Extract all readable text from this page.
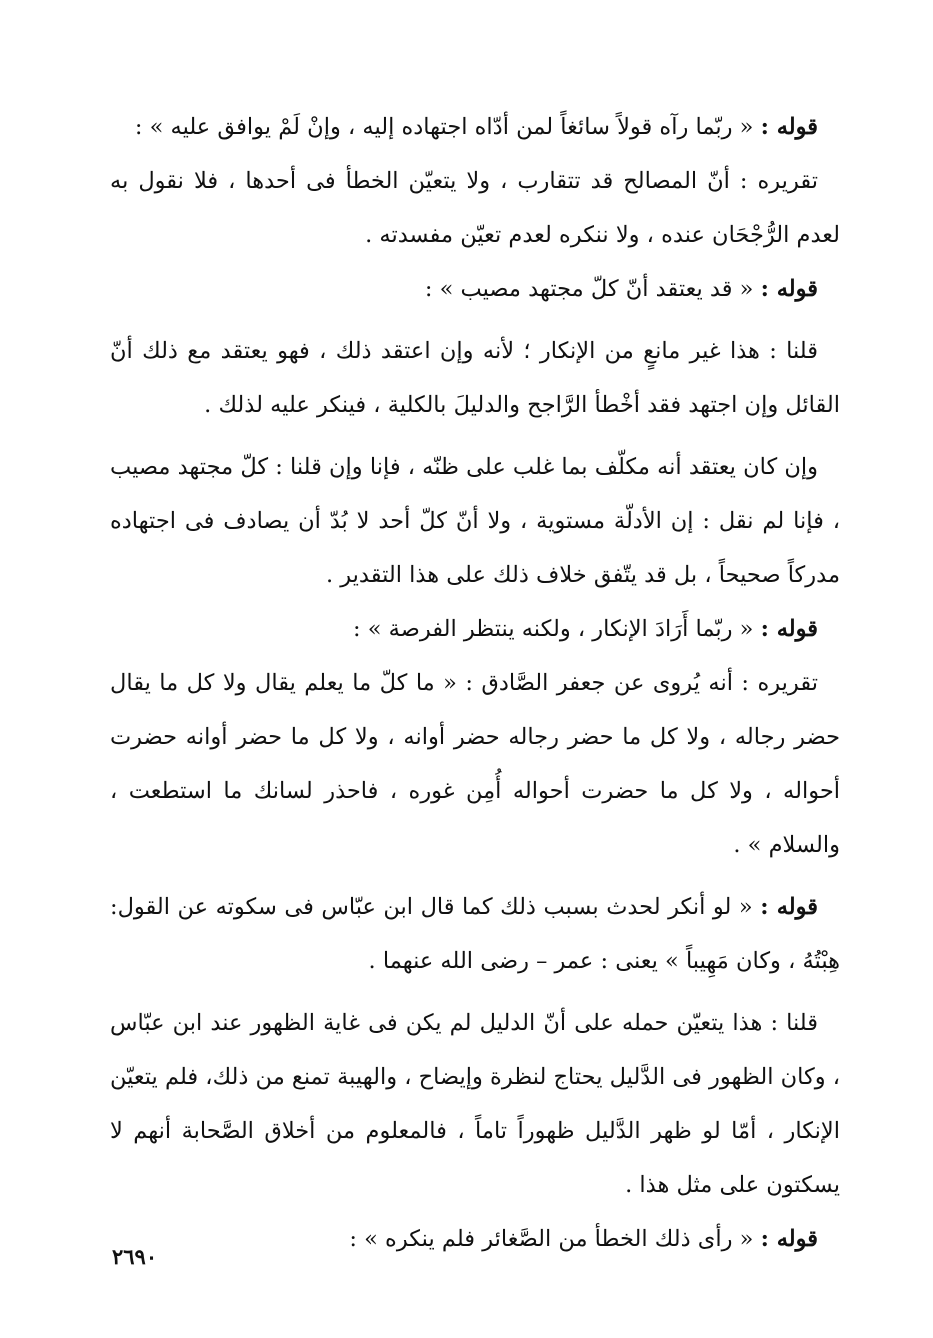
قوله : « ربّما رآه قولاً سائغاً لمن أدّاه اجتهاده إليه ، وإنْ لَمْ يوافق عليه » :

تقريره : أنّ المصالح قد تتقارب ، ولا يتعيّن الخطأ فى أحدها ، فلا نقول به لعدم الرُّجْحَان عنده ، ولا ننكره لعدم تعيّن مفسدته .

قوله : « قد يعتقد أنّ كلّ مجتهد مصيب » :

قلنا : هذا غير مانعٍ من الإنكار ؛ لأنه وإن اعتقد ذلك ، فهو يعتقد مع ذلك أنّ القائل وإن اجتهد فقد أخْطأ الرَّاجح والدليلَ بالكلية ، فينكر عليه لذلك .

وإن كان يعتقد أنه مكلّف بما غلب على ظنّه ، فإنا وإن قلنا : كلّ مجتهد مصيب ، فإنا لم نقل : إن الأدلّة مستوية ، ولا أنّ كلّ أحد لا بُدّ أن يصادف فى اجتهاده مدركاً صحيحاً ، بل قد يتّفق خلاف ذلك على هذا التقدير .

قوله : « ربّما أَرَادَ الإنكار ، ولكنه ينتظر الفرصة » :

تقريره : أنه يُروى عن جعفر الصَّادق : « ما كلّ ما يعلم يقال ولا كل ما يقال حضر رجاله ، ولا كل ما حضر رجاله حضر أوانه ، ولا كل ما حضر أوانه حضرت أحواله ، ولا كل ما حضرت أحواله أُمِن غوره ، فاحذر لسانك ما استطعت ، والسلام » .

قوله : « لو أنكر لحدث بسبب ذلك كما قال ابن عبّاس فى سكوته عن القول: هِبْتُهُ ، وكان مَهِيباً » يعنى : عمر – رضى الله عنهما .

قلنا : هذا يتعيّن حمله على أنّ الدليل لم يكن فى غاية الظهور عند ابن عبّاس ، وكان الظهور فى الدَّليل يحتاج لنظرة وإيضاح ، والهيبة تمنع من ذلك، فلم يتعيّن الإنكار ، أمّا لو ظهر الدَّليل ظهوراً تاماً ، فالمعلوم من أخلاق الصَّحابة أنهم لا يسكتون على مثل هذا .

قوله : « رأى ذلك الخطأ من الصَّغائر فلم ينكره » :

٢٦٩٠
